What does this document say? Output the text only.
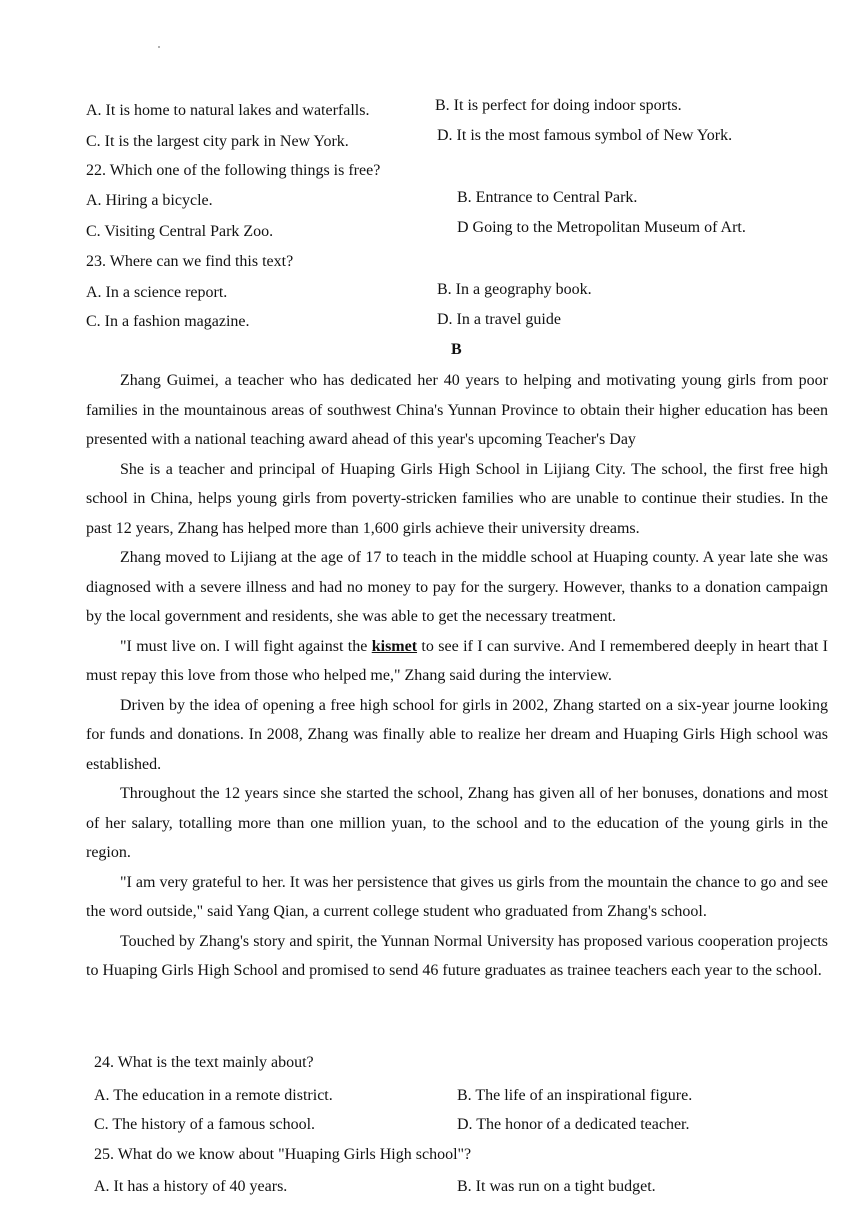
A. It is home to natural lakes and waterfalls.	B. It is perfect for doing indoor sports.
C. It is the largest city park in New York.	D. It is the most famous symbol of New York.
22. Which one of the following things is free?
A. Hiring a bicycle.	B. Entrance to Central Park.
C. Visiting Central Park Zoo.	D Going to the Metropolitan Museum of Art.
23. Where can we find this text?
A. In a science report.	B. In a geography book.
C. In a fashion magazine.	D. In a travel guide
B

Zhang Guimei, a teacher who has dedicated her 40 years to helping and motivating young girls from poor families in the mountainous areas of southwest China's Yunnan Province to obtain their higher education has been presented with a national teaching award ahead of this year's upcoming Teacher's Day

She is a teacher and principal of Huaping Girls High School in Lijiang City. The school, the first free high school in China, helps young girls from poverty-stricken families who are unable to continue their studies. In the past 12 years, Zhang has helped more than 1,600 girls achieve their university dreams.

Zhang moved to Lijiang at the age of 17 to teach in the middle school at Huaping county. A year late she was diagnosed with a severe illness and had no money to pay for the surgery. However, thanks to a donation campaign by the local government and residents, she was able to get the necessary treatment.

"I must live on. I will fight against the kismet to see if I can survive. And I remembered deeply in heart that I must repay this love from those who helped me," Zhang said during the interview.

Driven by the idea of opening a free high school for girls in 2002, Zhang started on a six-year journe looking for funds and donations. In 2008, Zhang was finally able to realize her dream and Huaping Girls High school was established.

Throughout the 12 years since she started the school, Zhang has given all of her bonuses, donations and most of her salary, totalling more than one million yuan, to the school and to the education of the young girls in the region.

"I am very grateful to her. It was her persistence that gives us girls from the mountain the chance to go and see the word outside," said Yang Qian, a current college student who graduated from Zhang's school.

Touched by Zhang's story and spirit, the Yunnan Normal University has proposed various cooperation projects to Huaping Girls High School and promised to send 46 future graduates as trainee teachers each year to the school.

24. What is the text mainly about?
A. The education in a remote district.	B. The life of an inspirational figure.
C. The history of a famous school.	D. The honor of a dedicated teacher.
25. What do we know about "Huaping Girls High school"?
A. It has a history of 40 years.	B. It was run on a tight budget.
